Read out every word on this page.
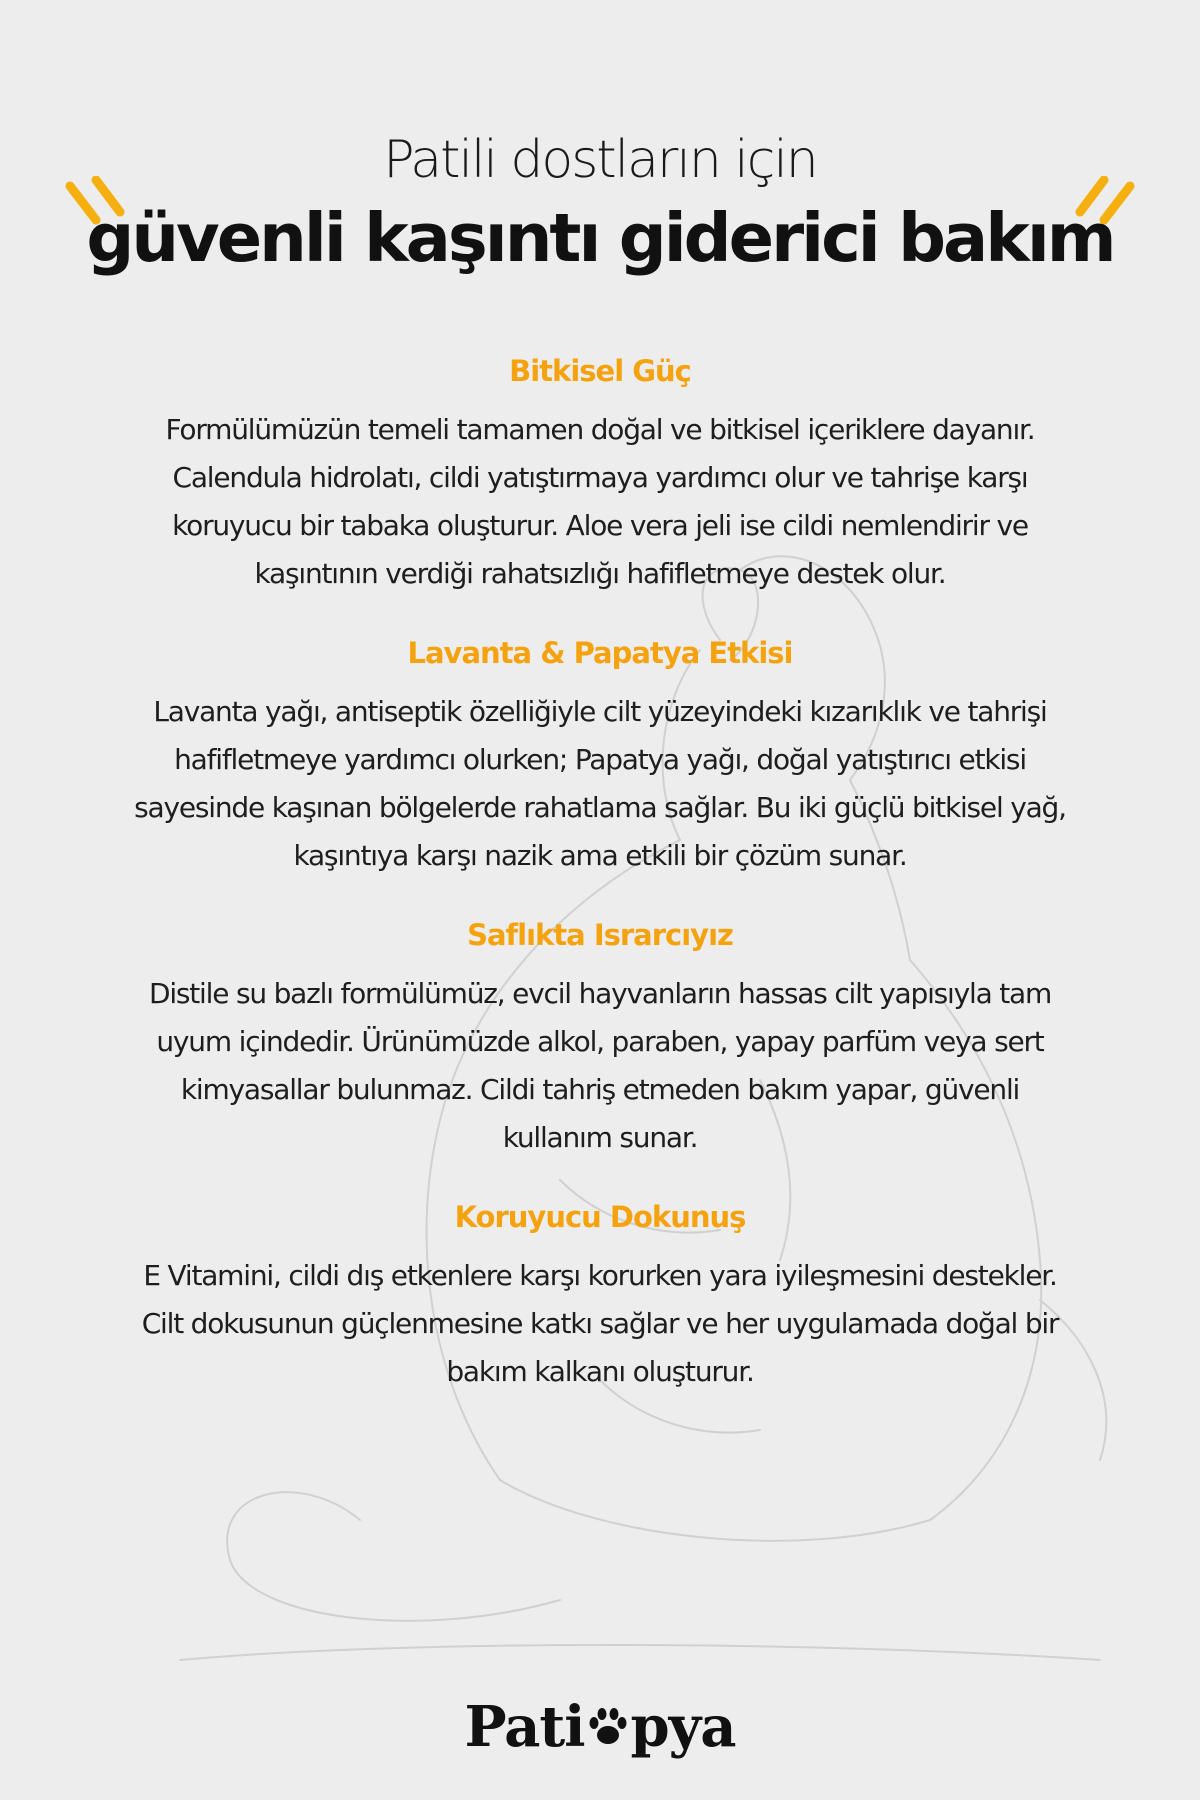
Patili dostların için
güvenli kaşıntı giderici bakım
Bitkisel Güç
Formülümüzün temeli tamamen doğal ve bitkisel içeriklere dayanır. Calendula hidrolatı, cildi yatıştırmaya yardımcı olur ve tahrişe karşı koruyucu bir tabaka oluşturur. Aloe vera jeli ise cildi nemlendirir ve kaşıntının verdiği rahatsızlığı hafifletmeye destek olur.
Lavanta & Papatya Etkisi
Lavanta yağı, antiseptik özelliğiyle cilt yüzeyindeki kızarıklık ve tahrişi hafifletmeye yardımcı olurken; Papatya yağı, doğal yatıştırıcı etkisi sayesinde kaşınan bölgelerde rahatlama sağlar. Bu iki güçlü bitkisel yağ, kaşıntıya karşı nazik ama etkili bir çözüm sunar.
Saflıkta Israrcıyız
Distile su bazlı formülümüz, evcil hayvanların hassas cilt yapısıyla tam uyum içindedir. Ürünümüzde alkol, paraben, yapay parfüm veya sert kimyasallar bulunmaz. Cildi tahriş etmeden bakım yapar, güvenli kullanım sunar.
Koruyucu Dokunuş
E Vitamini, cildi dış etkenlere karşı korurken yara iyileşmesini destekler. Cilt dokusunun güçlenmesine katkı sağlar ve her uygulamada doğal bir bakım kalkanı oluşturur.
Pati pya
